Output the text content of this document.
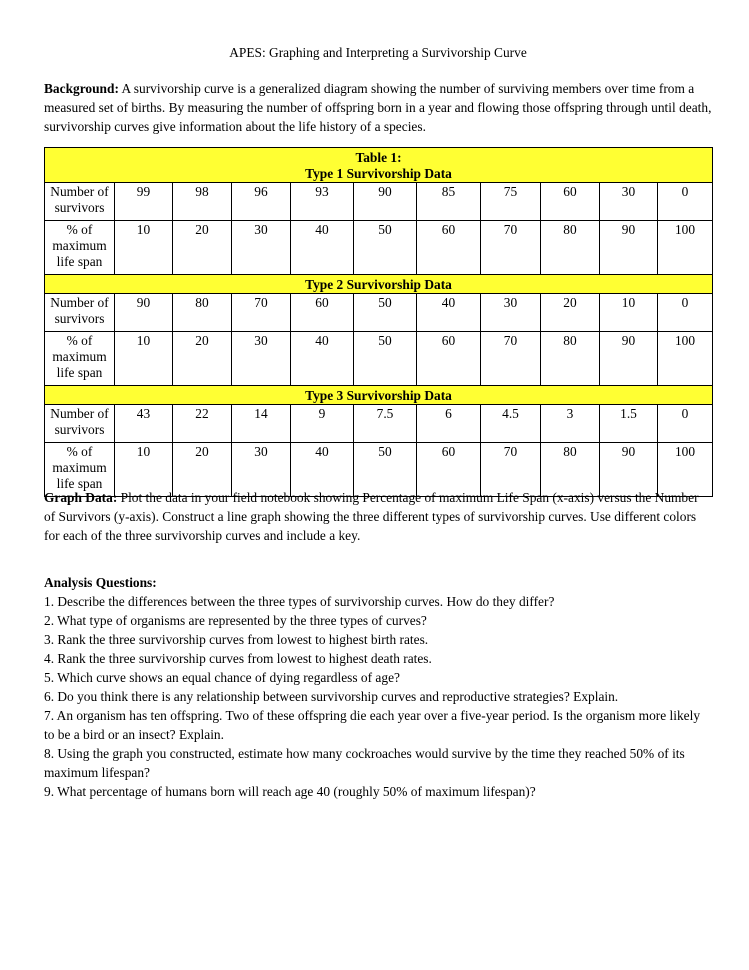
APES: Graphing and Interpreting a Survivorship Curve
Background: A survivorship curve is a generalized diagram showing the number of surviving members over time from a measured set of births. By measuring the number of offspring born in a year and flowing those offspring through until death, survivorship curves give information about the life history of a species.
Table 1:
Type 1 Survivorship Data										

Number of survivors	99	98	96	93	90	85	75	60	30	0
% of maximum life span	10	20	30	40	50	60	70	80	90	100

Type 2 Survivorship Data										

Number of survivors	90	80	70	60	50	40	30	20	10	0
% of maximum life span	10	20	30	40	50	60	70	80	90	100

Type 3 Survivorship Data										

Number of survivors	43	22	14	9	7.5	6	4.5	3	1.5	0
% of maximum life span	10	20	30	40	50	60	70	80	90	100
Graph Data: Plot the data in your field notebook showing Percentage of maximum Life Span (x-axis) versus the Number of Survivors (y-axis). Construct a line graph showing the three different types of survivorship curves. Use different colors for each of the three survivorship curves and include a key.
Analysis Questions:
1. Describe the differences between the three types of survivorship curves. How do they differ?
2. What type of organisms are represented by the three types of curves?
3. Rank the three survivorship curves from lowest to highest birth rates.
4. Rank the three survivorship curves from lowest to highest death rates.
5. Which curve shows an equal chance of dying regardless of age?
6. Do you think there is any relationship between survivorship curves and reproductive strategies? Explain.
7. An organism has ten offspring. Two of these offspring die each year over a five-year period. Is the organism more likely to be a bird or an insect? Explain.
8. Using the graph you constructed, estimate how many cockroaches would survive by the time they reached 50% of its maximum lifespan?
9. What percentage of humans born will reach age 40 (roughly 50% of maximum lifespan)?
